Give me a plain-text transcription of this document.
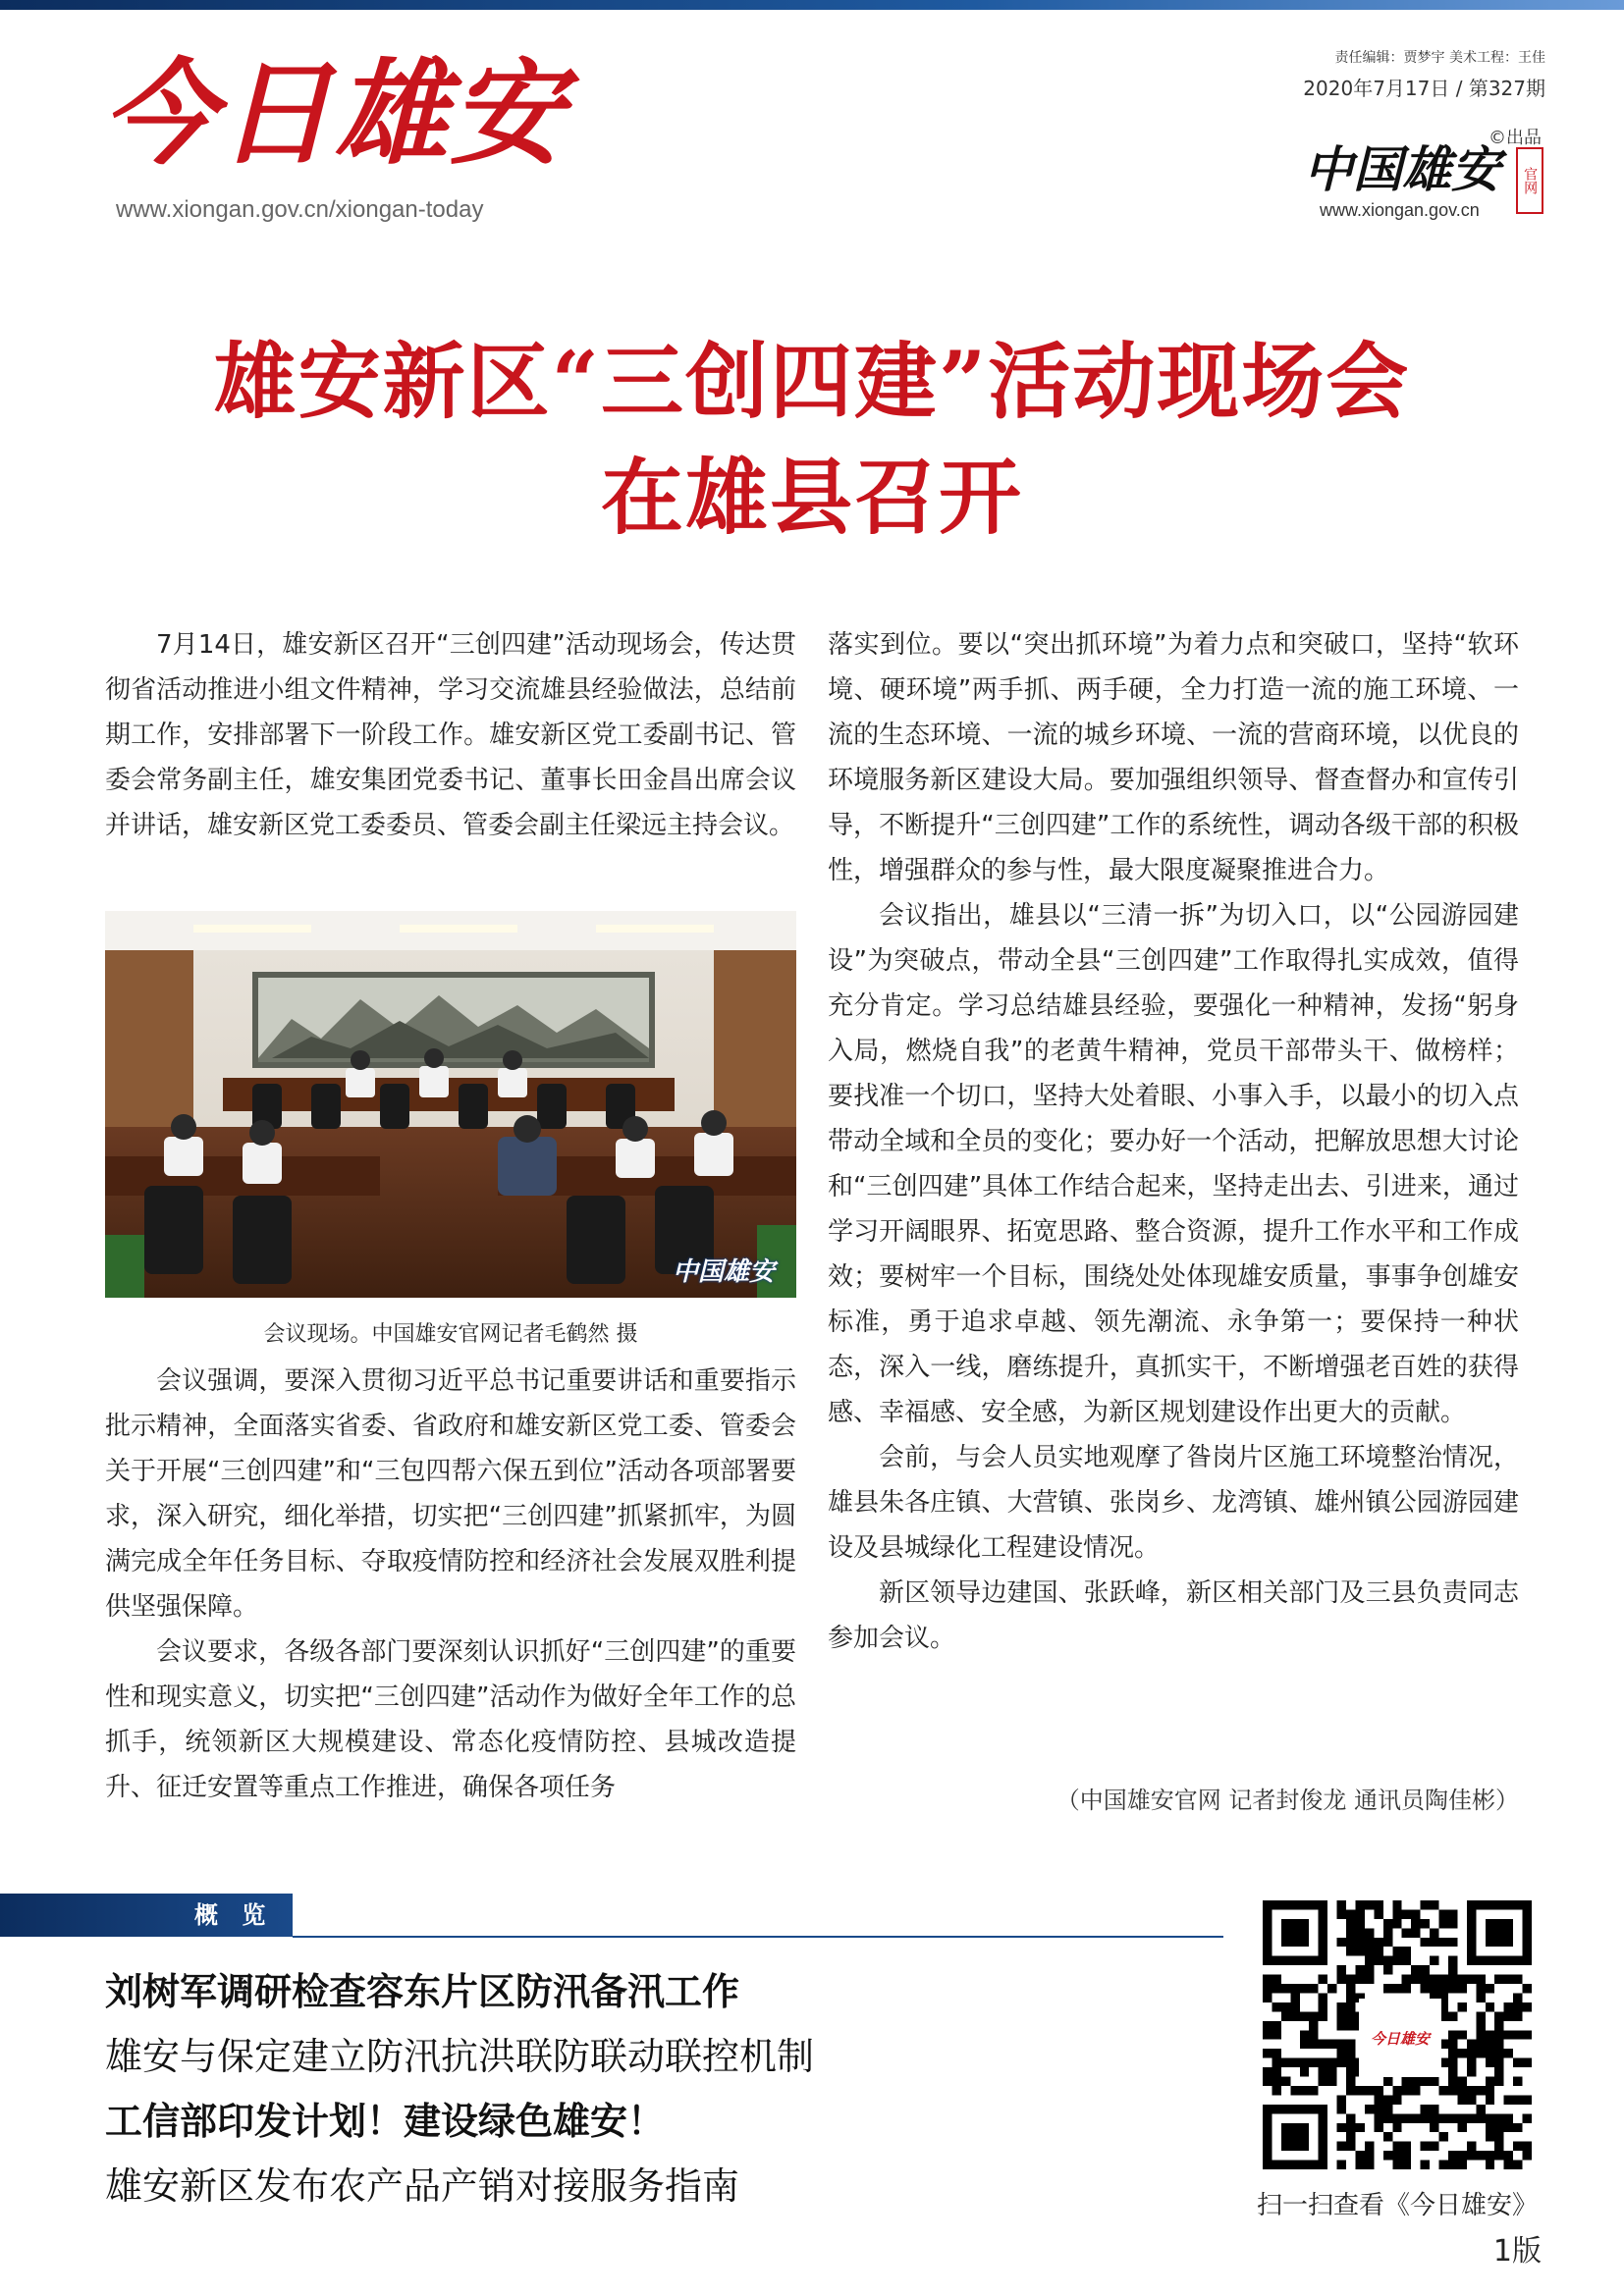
今日雄安
www.xiongan.gov.cn/xiongan-today
责任编辑：贾梦宇 美术工程：王佳
2020年7月17日 / 第327期
©出品
中国雄安 官网
www.xiongan.gov.cn
雄安新区“三创四建”活动现场会
在雄县召开

7月14日，雄安新区召开“三创四建”活动现场会，传达贯彻省活动推进小组文件精神，学习交流雄县经验做法，总结前期工作，安排部署下一阶段工作。雄安新区党工委副书记、管委会常务副主任，雄安集团党委书记、董事长田金昌出席会议并讲话，雄安新区党工委委员、管委会副主任梁远主持会议。

中国雄安
会议现场。中国雄安官网记者毛鹤然 摄

会议强调，要深入贯彻习近平总书记重要讲话和重要指示批示精神，全面落实省委、省政府和雄安新区党工委、管委会关于开展“三创四建”和“三包四帮六保五到位”活动各项部署要求，深入研究，细化举措，切实把“三创四建”抓紧抓牢，为圆满完成全年任务目标、夺取疫情防控和经济社会发展双胜利提供坚强保障。

会议要求，各级各部门要深刻认识抓好“三创四建”的重要性和现实意义，切实把“三创四建”活动作为做好全年工作的总抓手，统领新区大规模建设、常态化疫情防控、县城改造提升、征迁安置等重点工作推进，确保各项任务

落实到位。要以“突出抓环境”为着力点和突破口，坚持“软环境、硬环境”两手抓、两手硬，全力打造一流的施工环境、一流的生态环境、一流的城乡环境、一流的营商环境，以优良的环境服务新区建设大局。要加强组织领导、督查督办和宣传引导，不断提升“三创四建”工作的系统性，调动各级干部的积极性，增强群众的参与性，最大限度凝聚推进合力。

会议指出，雄县以“三清一拆”为切入口，以“公园游园建设”为突破点，带动全县“三创四建”工作取得扎实成效，值得充分肯定。学习总结雄县经验，要强化一种精神，发扬“躬身入局，燃烧自我”的老黄牛精神，党员干部带头干、做榜样；要找准一个切口，坚持大处着眼、小事入手，以最小的切入点带动全域和全员的变化；要办好一个活动，把解放思想大讨论和“三创四建”具体工作结合起来，坚持走出去、引进来，通过学习开阔眼界、拓宽思路、整合资源，提升工作水平和工作成效；要树牢一个目标，围绕处处体现雄安质量，事事争创雄安标准，勇于追求卓越、领先潮流、永争第一；要保持一种状态，深入一线，磨练提升，真抓实干，不断增强老百姓的获得感、幸福感、安全感，为新区规划建设作出更大的贡献。

会前，与会人员实地观摩了昝岗片区施工环境整治情况，雄县朱各庄镇、大营镇、张岗乡、龙湾镇、雄州镇公园游园建设及县城绿化工程建设情况。

新区领导边建国、张跃峰，新区相关部门及三县负责同志参加会议。

（中国雄安官网 记者封俊龙 通讯员陶佳彬）
概 览
刘树军调研检查容东片区防汛备汛工作
雄安与保定建立防汛抗洪联防联动联控机制
工信部印发计划！建设绿色雄安！
雄安新区发布农产品产销对接服务指南
今日雄安
扫一扫查看《今日雄安》
1版
